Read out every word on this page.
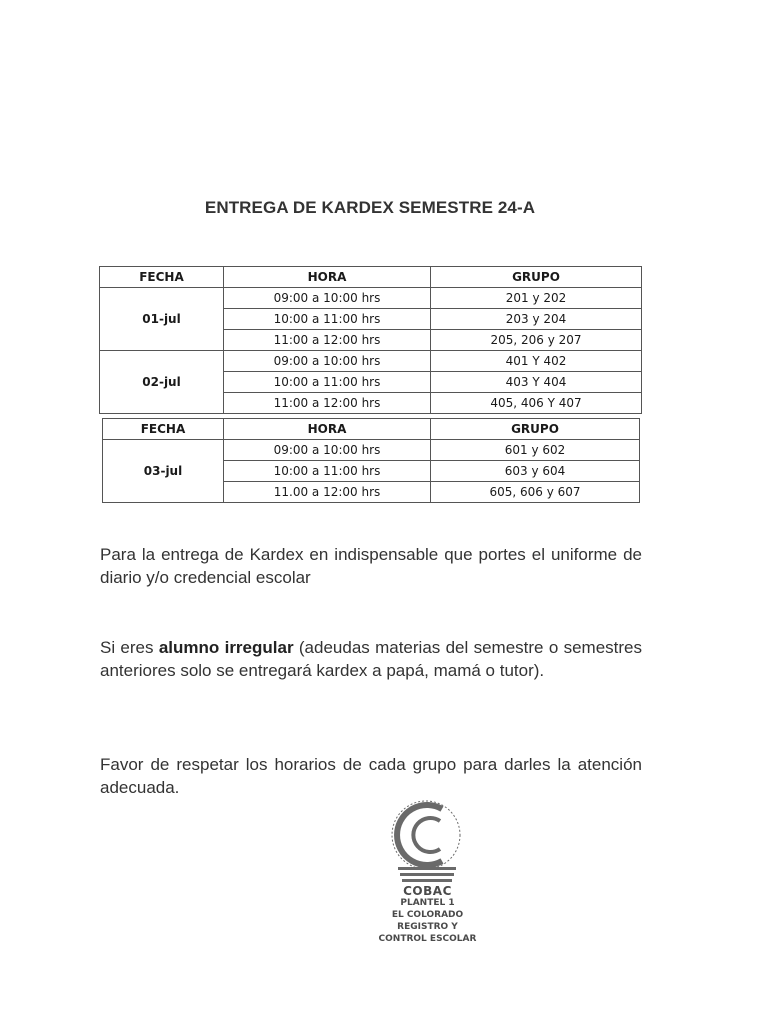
ENTREGA DE KARDEX SEMESTRE 24-A
FECHA	HORA	GRUPO
01-jul	09:00 a 10:00 hrs	201 y 202
	10:00 a 11:00 hrs	203 y 204
	11:00 a 12:00 hrs	205, 206 y 207
02-jul	09:00 a 10:00 hrs	401 Y 402
	10:00 a 11:00 hrs	403 Y 404
	11:00 a 12:00 hrs	405, 406 Y 407
FECHA	HORA	GRUPO
03-jul	09:00 a 10:00 hrs	601 y 602
	10:00 a 11:00 hrs	603 y 604
	11.00 a 12:00 hrs	605, 606 y 607

Para la entrega de Kardex en indispensable que portes el uniforme de diario y/o credencial escolar

Si eres alumno irregular (adeudas materias del semestre o semestres anteriores solo se entregará kardex a papá, mamá o tutor).

Favor de respetar los horarios de cada grupo para darles la atención adecuada.

COBAC
PLANTEL 1
EL COLORADO
REGISTRO Y
CONTROL ESCOLAR
